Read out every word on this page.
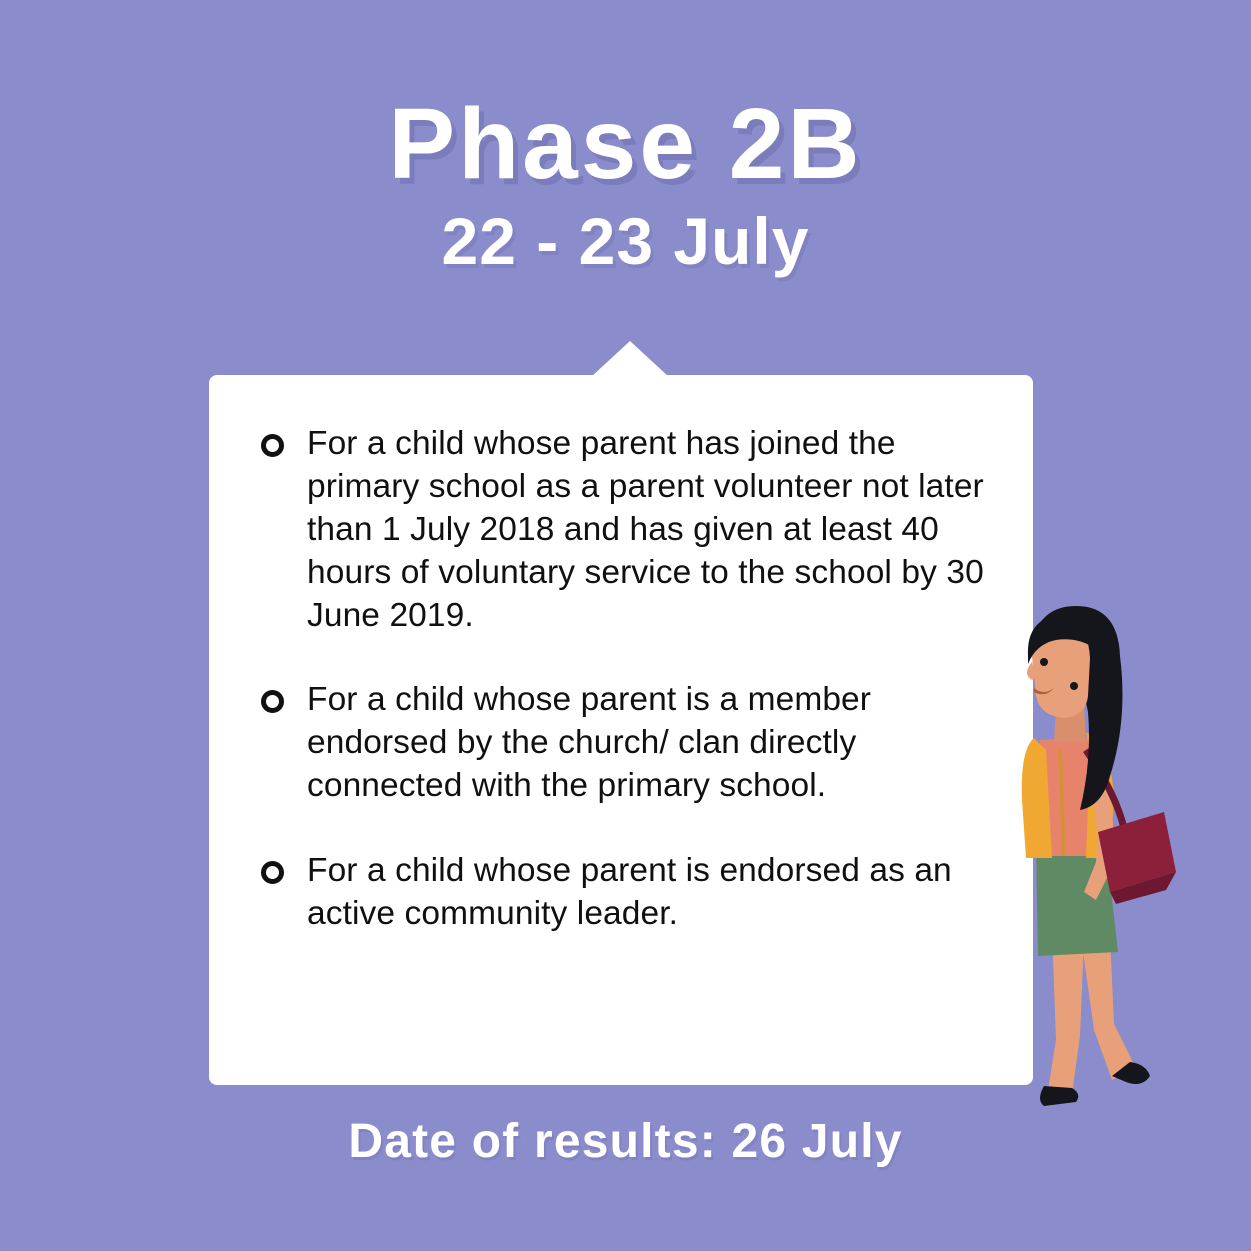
Phase 2B
22 - 23 July
For a child whose parent has joined the primary school as a parent volunteer not later than 1 July 2018 and has given at least 40 hours of voluntary service to the school by 30 June 2019.
For a child whose parent is a member endorsed by the church/ clan directly connected with the primary school.
For a child whose parent is endorsed as an active community leader.
Date of results: 26 July
